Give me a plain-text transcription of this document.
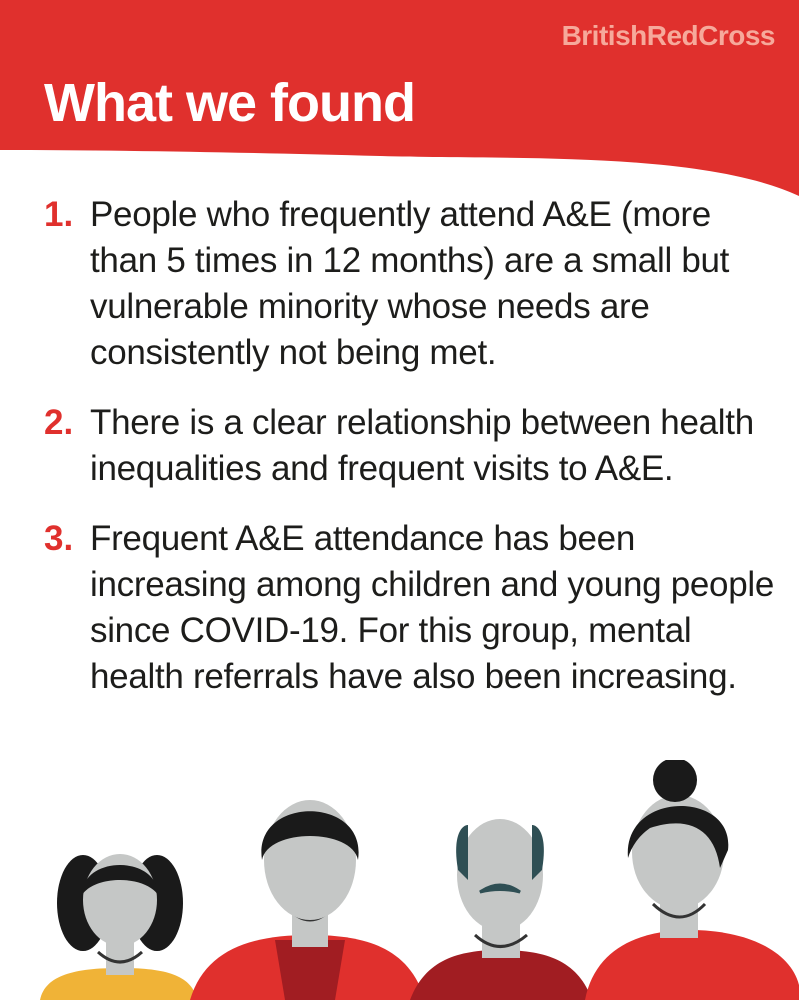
BritishRedCross
What we found
1. People who frequently attend A&E (more than 5 times in 12 months) are a small but vulnerable minority whose needs are consistently not being met.
2. There is a clear relationship between health inequalities and frequent visits to A&E.
3. Frequent A&E attendance has been increasing among children and young people since COVID-19. For this group, mental health referrals have also been increasing.
